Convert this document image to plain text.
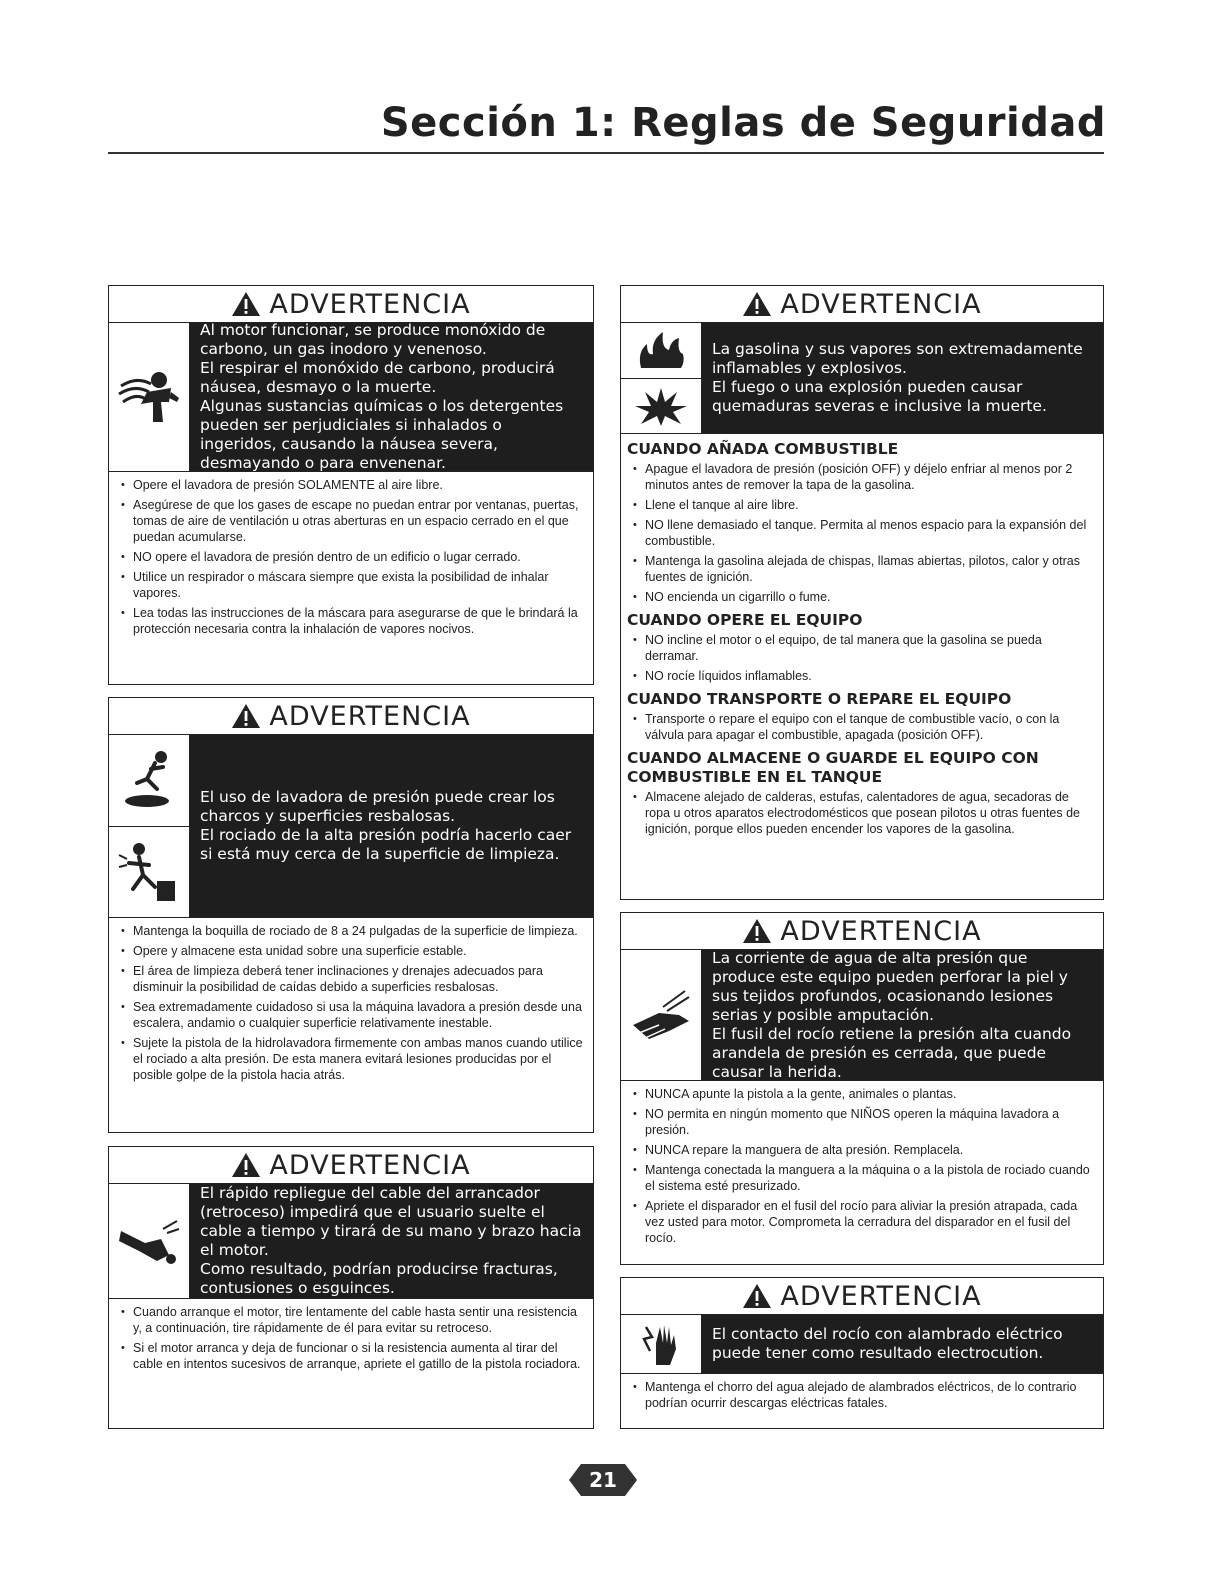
Sección 1: Reglas de Seguridad
ADVERTENCIA

Al motor funcionar, se produce monóxido de carbono, un gas inodoro y venenoso.

El respirar el monóxido de carbono, producirá náusea, desmayo o la muerte.

Algunas sustancias químicas o los detergentes pueden ser perjudiciales si inhalados o ingeridos, causando la náusea severa, desmayando o para envenenar.

• Opere el lavadora de presión SOLAMENTE al aire libre.
• Asegúrese de que los gases de escape no puedan entrar por ventanas, puertas, tomas de aire de ventilación u otras aberturas en un espacio cerrado en el que puedan acumularse.
• NO opere el lavadora de presión dentro de un edificio o lugar cerrado.
• Utilice un respirador o máscara siempre que exista la posibilidad de inhalar vapores.
• Lea todas las instrucciones de la máscara para asegurarse de que le brindará la protección necesaria contra la inhalación de vapores nocivos.
ADVERTENCIA

El uso de lavadora de presión puede crear los charcos y superficies resbalosas.

El rociado de la alta presión podría hacerlo caer si está muy cerca de la superficie de limpieza.

• Mantenga la boquilla de rociado de 8 a 24 pulgadas de la superficie de limpieza.
• Opere y almacene esta unidad sobre una superficie estable.
• El área de limpieza deberá tener inclinaciones y drenajes adecuados para disminuir la posibilidad de caídas debido a superficies resbalosas.
• Sea extremadamente cuidadoso si usa la máquina lavadora a presión desde una escalera, andamio o cualquier superficie relativamente inestable.
• Sujete la pistola de la hidrolavadora firmemente con ambas manos cuando utilice el rociado a alta presión. De esta manera evitará lesiones producidas por el posible golpe de la pistola hacia atrás.
ADVERTENCIA

El rápido repliegue del cable del arrancador (retroceso) impedirá que el usuario suelte el cable a tiempo y tirará de su mano y brazo hacia el motor.

Como resultado, podrían producirse fracturas, contusiones o esguinces.

• Cuando arranque el motor, tire lentamente del cable hasta sentir una resistencia y, a continuación, tire rápidamente de él para evitar su retroceso.
• Si el motor arranca y deja de funcionar o si la resistencia aumenta al tirar del cable en intentos sucesivos de arranque, apriete el gatillo de la pistola rociadora.
ADVERTENCIA

La gasolina y sus vapores son extremadamente inflamables y explosivos.

El fuego o una explosión pueden causar quemaduras severas e inclusive la muerte.

CUANDO AÑADA COMBUSTIBLE
• Apague el lavadora de presión (posición OFF) y déjelo enfriar al menos por 2 minutos antes de remover la tapa de la gasolina.
• Llene el tanque al aire libre.
• NO llene demasiado el tanque. Permita al menos espacio para la expansión del combustible.
• Mantenga la gasolina alejada de chispas, llamas abiertas, pilotos, calor y otras fuentes de ignición.
• NO encienda un cigarrillo o fume.
CUANDO OPERE EL EQUIPO
• NO incline el motor o el equipo, de tal manera que la gasolina se pueda derramar.
• NO rocíe líquidos inflamables.
CUANDO TRANSPORTE O REPARE EL EQUIPO
• Transporte o repare el equipo con el tanque de combustible vacío, o con la válvula para apagar el combustible, apagada (posición OFF).
CUANDO ALMACENE O GUARDE EL EQUIPO CON COMBUSTIBLE EN EL TANQUE
• Almacene alejado de calderas, estufas, calentadores de agua, secadoras de ropa u otros aparatos electrodomésticos que posean pilotos u otras fuentes de ignición, porque ellos pueden encender los vapores de la gasolina.
ADVERTENCIA

La corriente de agua de alta presión que produce este equipo pueden perforar la piel y sus tejidos profundos, ocasionando lesiones serias y posible amputación.

El fusil del rocío retiene la presión alta cuando arandela de presión es cerrada, que puede causar la herida.

• NUNCA apunte la pistola a la gente, animales o plantas.
• NO permita en ningún momento que NIÑOS operen la máquina lavadora a presión.
• NUNCA repare la manguera de alta presión. Remplacela.
• Mantenga conectada la manguera a la máquina o a la pistola de rociado cuando el sistema esté presurizado.
• Apriete el disparador en el fusil del rocío para aliviar la presión atrapada, cada vez usted para motor. Comprometa la cerradura del disparador en el fusil del rocío.
ADVERTENCIA

El contacto del rocío con alambrado eléctrico puede tener como resultado electrocution.

• Mantenga el chorro del agua alejado de alambrados eléctricos, de lo contrario podrían ocurrir descargas eléctricas fatales.
21
